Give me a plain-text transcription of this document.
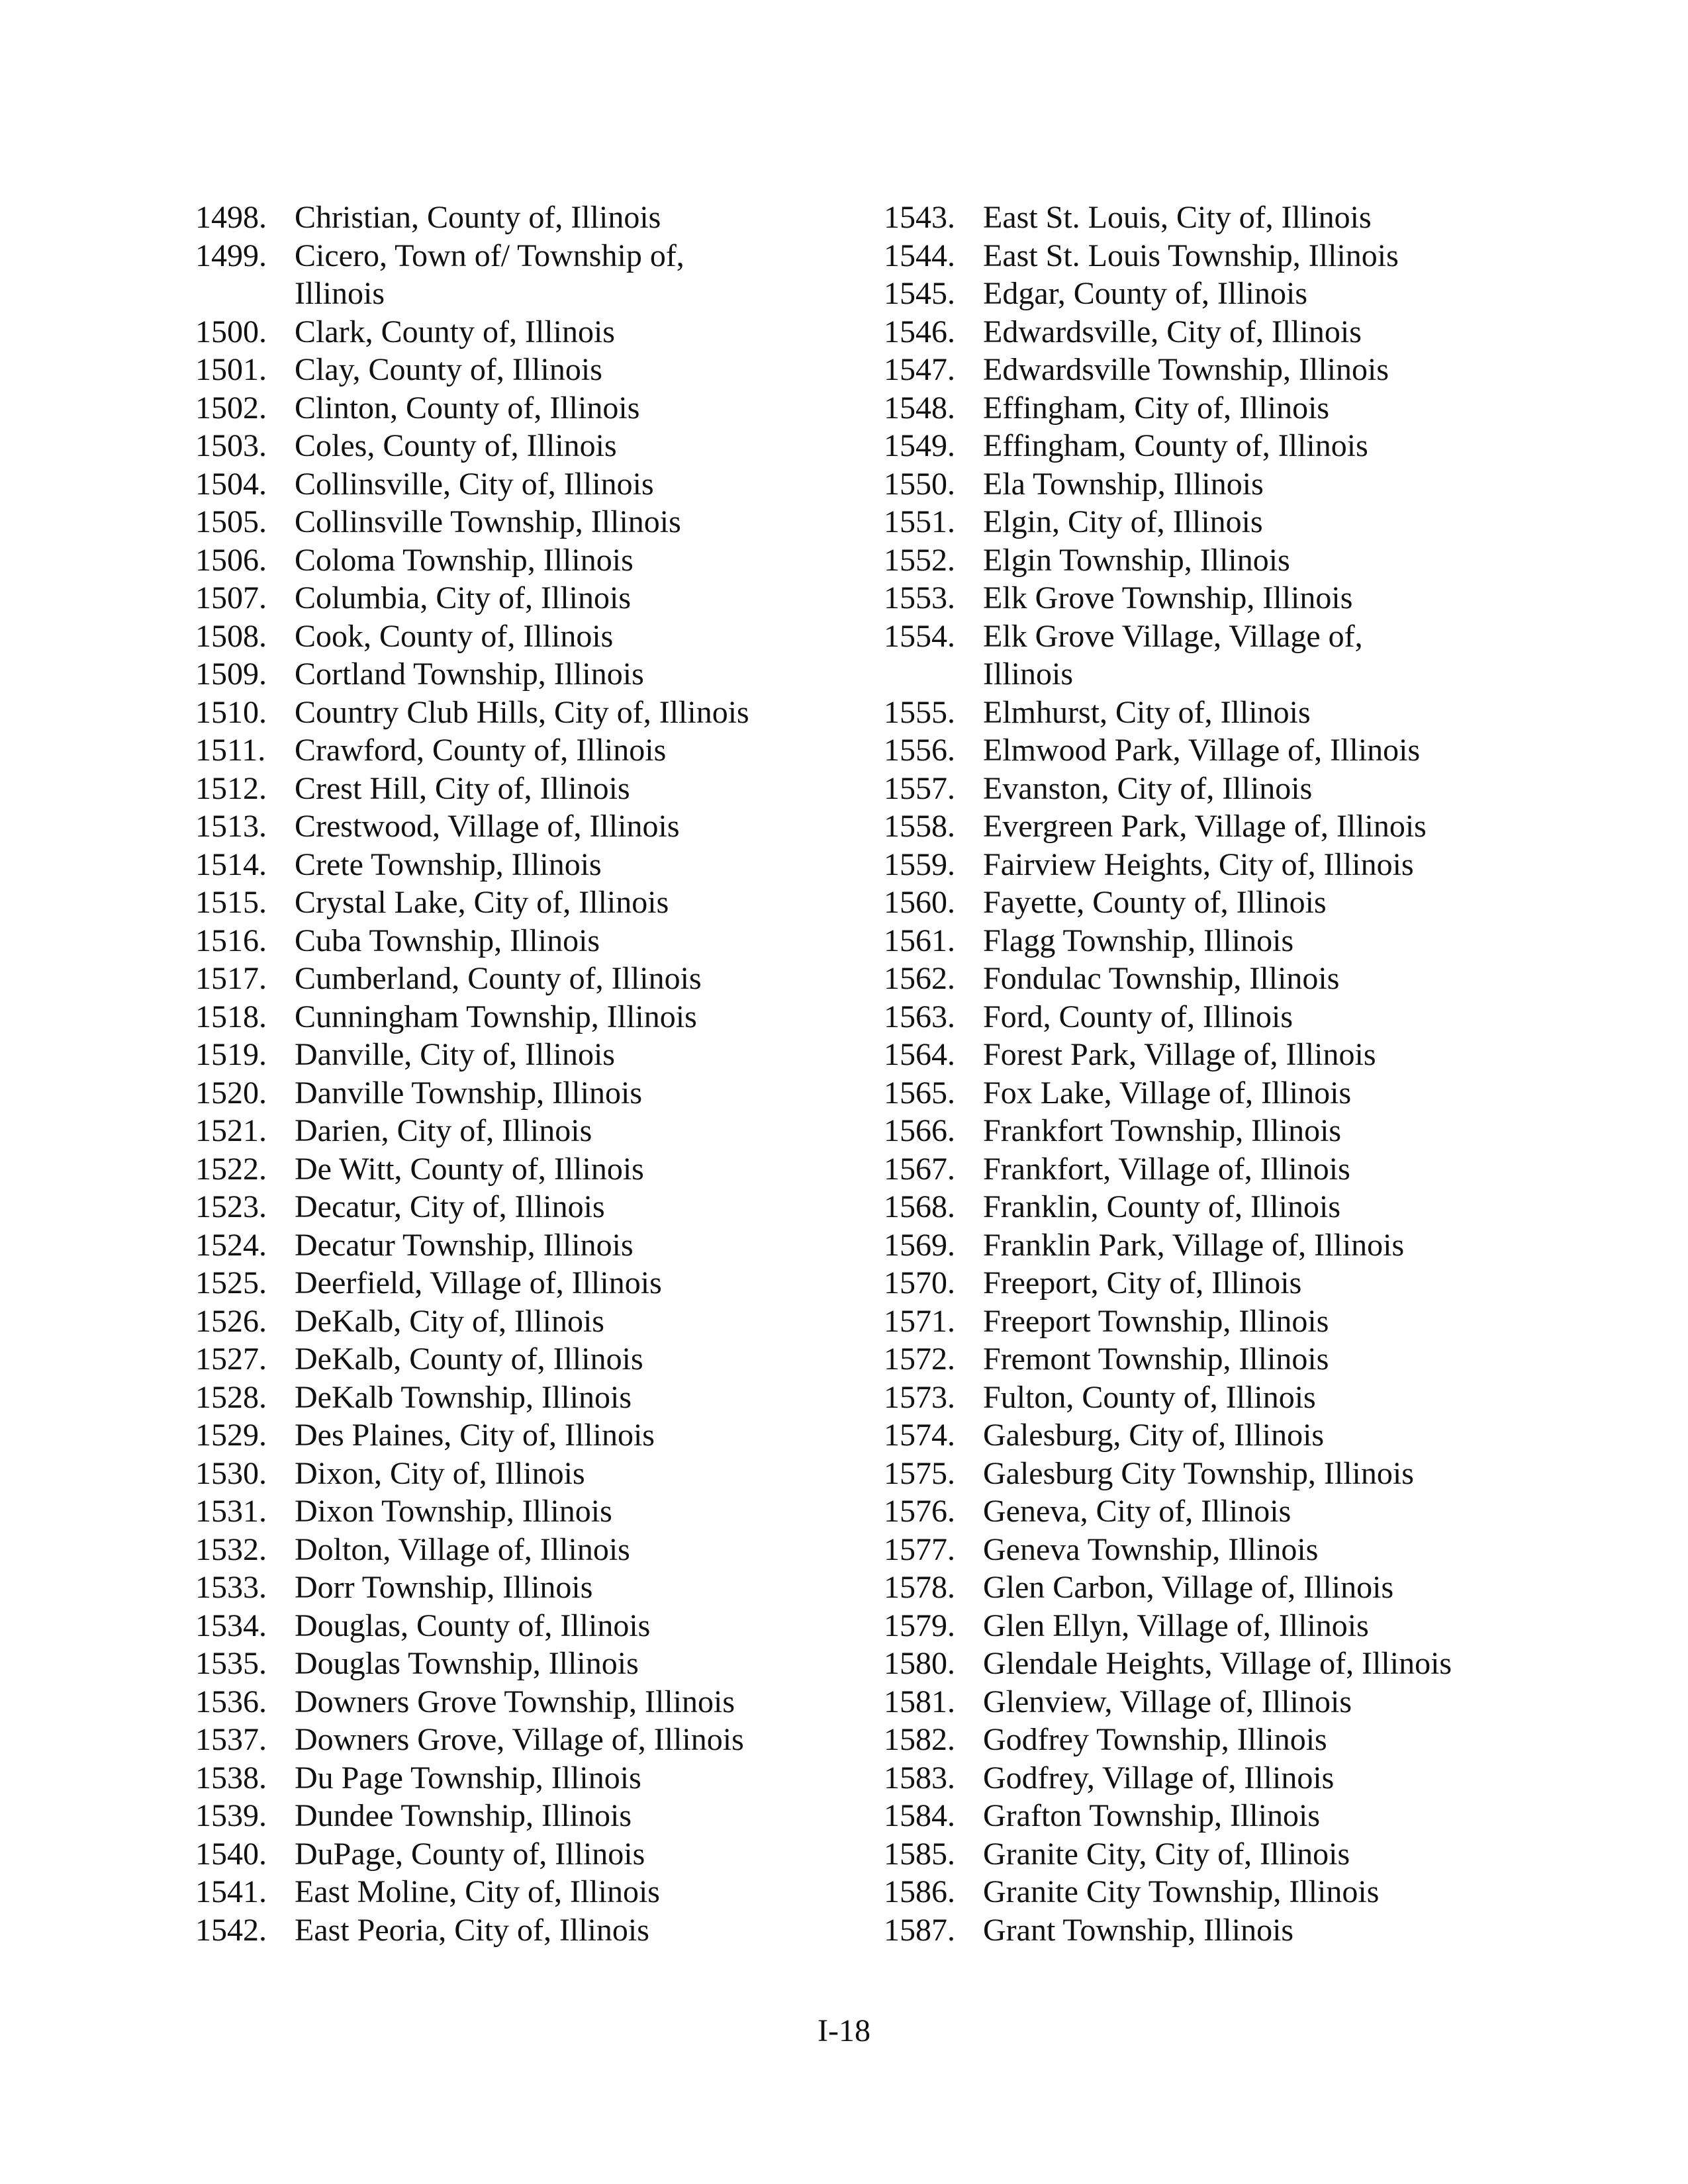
1498. Christian, County of, Illinois
1499. Cicero, Town of/ Township of, Illinois
1500. Clark, County of, Illinois
1501. Clay, County of, Illinois
1502. Clinton, County of, Illinois
1503. Coles, County of, Illinois
1504. Collinsville, City of, Illinois
1505. Collinsville Township, Illinois
1506. Coloma Township, Illinois
1507. Columbia, City of, Illinois
1508. Cook, County of, Illinois
1509. Cortland Township, Illinois
1510. Country Club Hills, City of, Illinois
1511. Crawford, County of, Illinois
1512. Crest Hill, City of, Illinois
1513. Crestwood, Village of, Illinois
1514. Crete Township, Illinois
1515. Crystal Lake, City of, Illinois
1516. Cuba Township, Illinois
1517. Cumberland, County of, Illinois
1518. Cunningham Township, Illinois
1519. Danville, City of, Illinois
1520. Danville Township, Illinois
1521. Darien, City of, Illinois
1522. De Witt, County of, Illinois
1523. Decatur, City of, Illinois
1524. Decatur Township, Illinois
1525. Deerfield, Village of, Illinois
1526. DeKalb, City of, Illinois
1527. DeKalb, County of, Illinois
1528. DeKalb Township, Illinois
1529. Des Plaines, City of, Illinois
1530. Dixon, City of, Illinois
1531. Dixon Township, Illinois
1532. Dolton, Village of, Illinois
1533. Dorr Township, Illinois
1534. Douglas, County of, Illinois
1535. Douglas Township, Illinois
1536. Downers Grove Township, Illinois
1537. Downers Grove, Village of, Illinois
1538. Du Page Township, Illinois
1539. Dundee Township, Illinois
1540. DuPage, County of, Illinois
1541. East Moline, City of, Illinois
1542. East Peoria, City of, Illinois
1543. East St. Louis, City of, Illinois
1544. East St. Louis Township, Illinois
1545. Edgar, County of, Illinois
1546. Edwardsville, City of, Illinois
1547. Edwardsville Township, Illinois
1548. Effingham, City of, Illinois
1549. Effingham, County of, Illinois
1550. Ela Township, Illinois
1551. Elgin, City of, Illinois
1552. Elgin Township, Illinois
1553. Elk Grove Township, Illinois
1554. Elk Grove Village, Village of, Illinois
1555. Elmhurst, City of, Illinois
1556. Elmwood Park, Village of, Illinois
1557. Evanston, City of, Illinois
1558. Evergreen Park, Village of, Illinois
1559. Fairview Heights, City of, Illinois
1560. Fayette, County of, Illinois
1561. Flagg Township, Illinois
1562. Fondulac Township, Illinois
1563. Ford, County of, Illinois
1564. Forest Park, Village of, Illinois
1565. Fox Lake, Village of, Illinois
1566. Frankfort Township, Illinois
1567. Frankfort, Village of, Illinois
1568. Franklin, County of, Illinois
1569. Franklin Park, Village of, Illinois
1570. Freeport, City of, Illinois
1571. Freeport Township, Illinois
1572. Fremont Township, Illinois
1573. Fulton, County of, Illinois
1574. Galesburg, City of, Illinois
1575. Galesburg City Township, Illinois
1576. Geneva, City of, Illinois
1577. Geneva Township, Illinois
1578. Glen Carbon, Village of, Illinois
1579. Glen Ellyn, Village of, Illinois
1580. Glendale Heights, Village of, Illinois
1581. Glenview, Village of, Illinois
1582. Godfrey Township, Illinois
1583. Godfrey, Village of, Illinois
1584. Grafton Township, Illinois
1585. Granite City, City of, Illinois
1586. Granite City Township, Illinois
1587. Grant Township, Illinois
I-18
